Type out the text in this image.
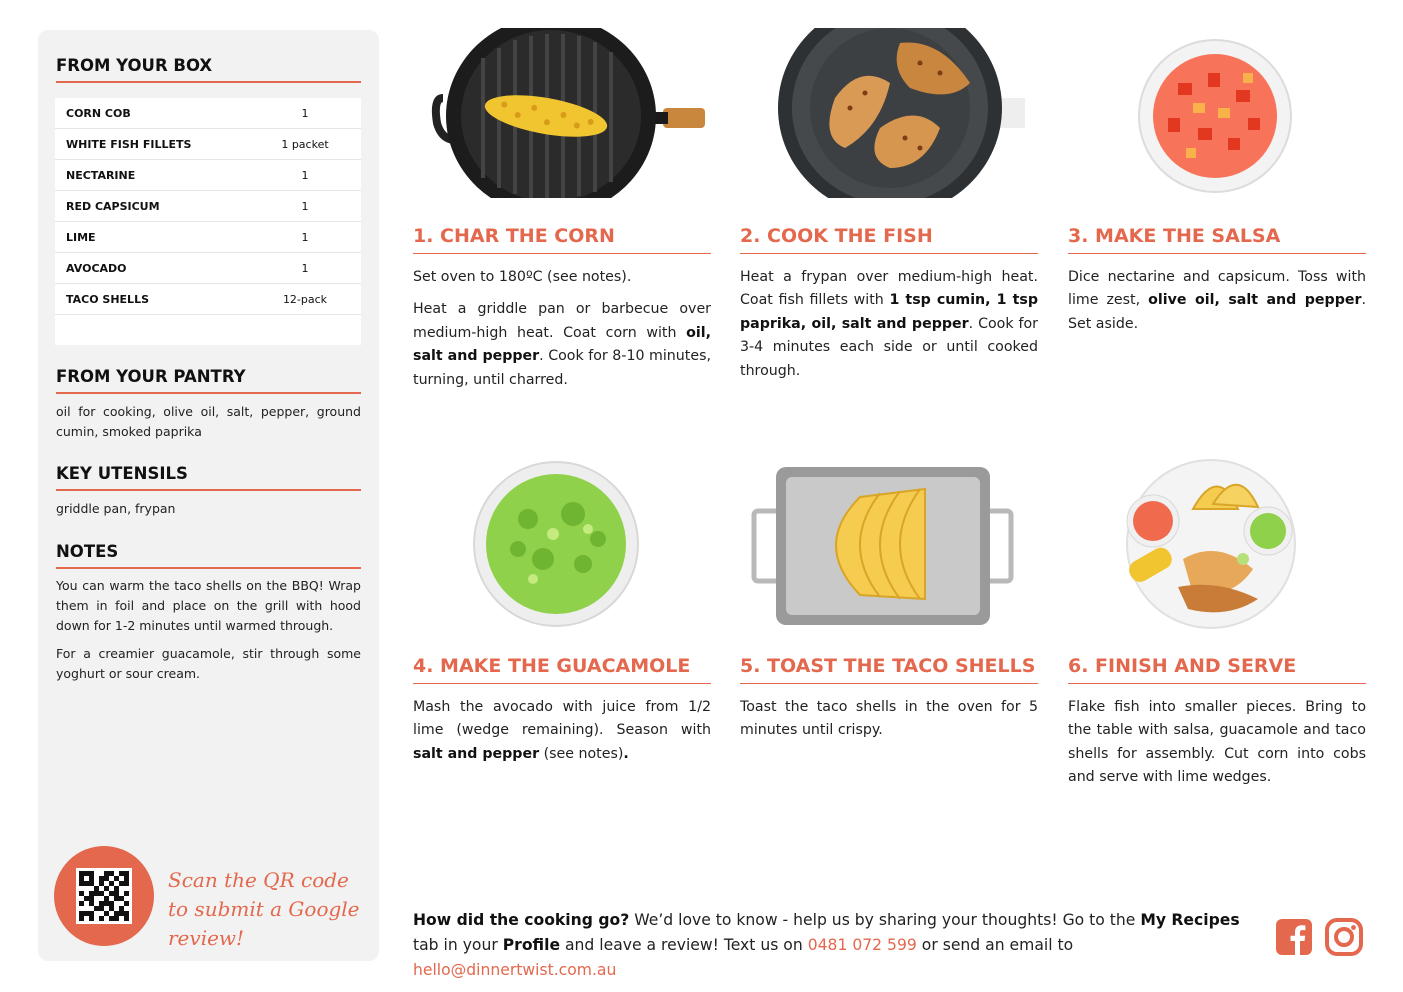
FROM YOUR BOX
CORN COB	1
WHITE FISH FILLETS	1 packet
NECTARINE	1
RED CAPSICUM	1
LIME	1
AVOCADO	1
TACO SHELLS	12-pack
FROM YOUR PANTRY
oil for cooking, olive oil, salt, pepper, ground cumin, smoked paprika
KEY UTENSILS
griddle pan, frypan
NOTES
You can warm the taco shells on the BBQ! Wrap them in foil and place on the grill with hood down for 1-2 minutes until warmed through.
For a creamier guacamole, stir through some yoghurt or sour cream.
Scan the QR code to submit a Google review!
1. CHAR THE CORN

Set oven to 180ºC (see notes).

Heat a griddle pan or barbecue over medium-high heat. Coat corn with oil, salt and pepper. Cook for 8-10 minutes, turning, until charred.

2. COOK THE FISH

Heat a frypan over medium-high heat. Coat fish fillets with 1 tsp cumin, 1 tsp paprika, oil, salt and pepper. Cook for 3-4 minutes each side or until cooked through.

3. MAKE THE SALSA

Dice nectarine and capsicum. Toss with lime zest, olive oil, salt and pepper. Set aside.

4. MAKE THE GUACAMOLE

Mash the avocado with juice from 1/2 lime (wedge remaining). Season with salt and pepper (see notes).

5. TOAST THE TACO SHELLS

Toast the taco shells in the oven for 5 minutes until crispy.

6. FINISH AND SERVE

Flake fish into smaller pieces. Bring to the table with salsa, guacamole and taco shells for assembly. Cut corn into cobs and serve with lime wedges.

How did the cooking go? We’d love to know - help us by sharing your thoughts! Go to the My Recipes tab in your Profile and leave a review! Text us on 0481 072 599 or send an email to hello@dinnertwist.com.au
